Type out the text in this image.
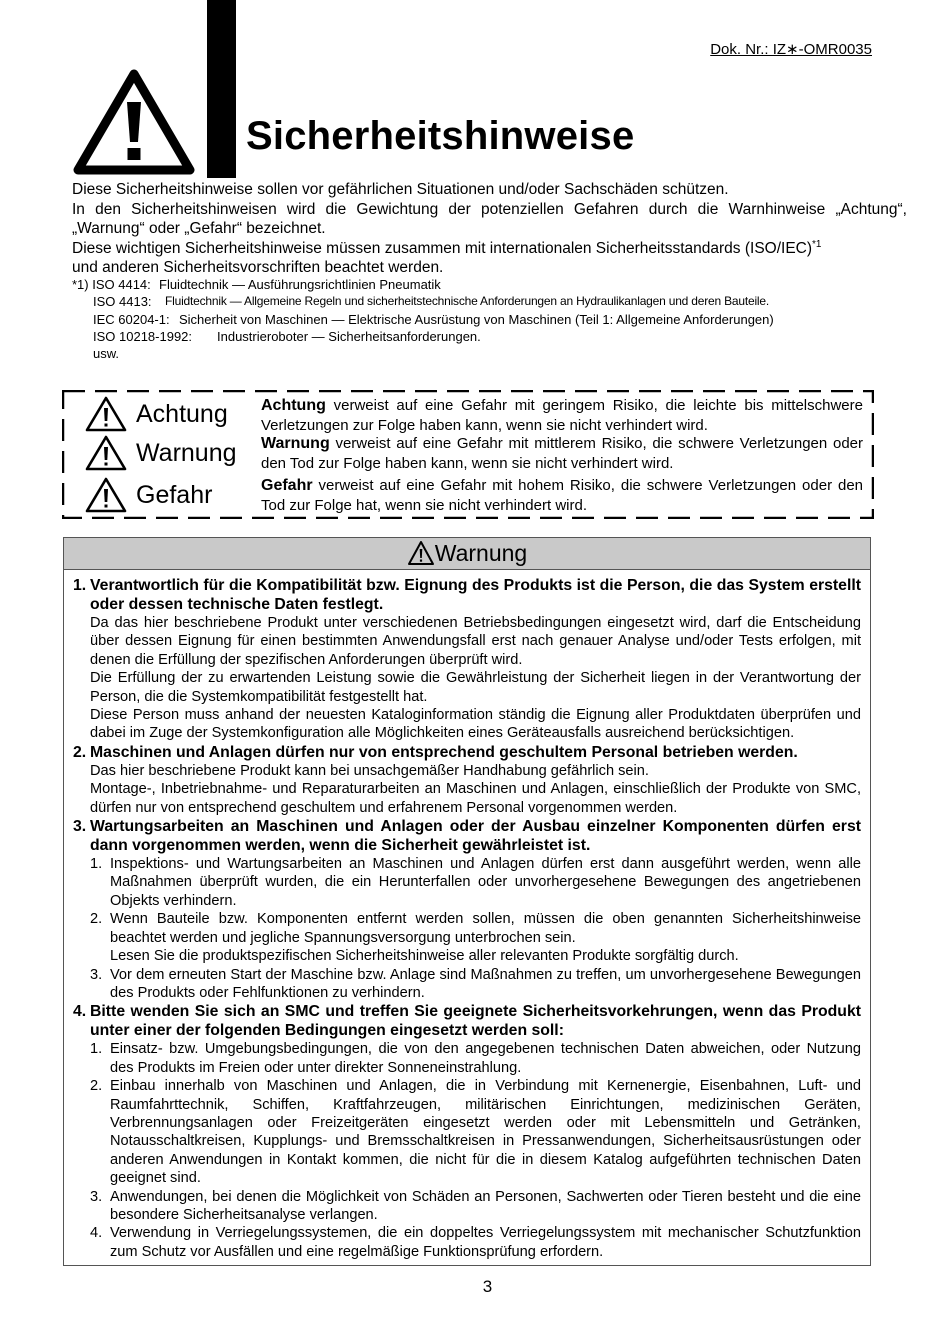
Dok. Nr.: IZ∗-OMR0035
Sicherheitshinweise

Diese Sicherheitshinweise sollen vor gefährlichen Situationen und/oder Sachschäden schützen.

In den Sicherheitshinweisen wird die Gewichtung der potenziellen Gefahren durch die Warnhinweise „Achtung“, „Warnung“ oder „Gefahr“ bezeichnet.

Diese wichtigen Sicherheitshinweise müssen zusammen mit internationalen Sicherheitsstandards $(ISO/IEC)^{*1}$

und anderen Sicherheitsvorschriften beachtet werden.

*1) ISO 4414: Fluidtechnik — Ausführungsrichtlinien Pneumatik
ISO 4413:	Fluidtechnik — Allgemeine Regeln und sicherheitstechnische Anforderungen an Hydraulikanlagen und deren Bauteile.
IEC 60204-1: Sicherheit von Maschinen — Elektrische Ausrüstung von Maschinen (Teil 1: Allgemeine Anforderungen)
ISO 10218-1992:	Industrieroboter — Sicherheitsanforderungen.
usw.
Achtung
Warnung
Gefahr
Achtung verweist auf eine Gefahr mit geringem Risiko, die leichte bis mittelschwere Verletzungen zur Folge haben kann, wenn sie nicht verhindert wird.
Warnung verweist auf eine Gefahr mit mittlerem Risiko, die schwere Verletzungen oder den Tod zur Folge haben kann, wenn sie nicht verhindert wird.
Gefahr verweist auf eine Gefahr mit hohem Risiko, die schwere Verletzungen oder den Tod zur Folge hat, wenn sie nicht verhindert wird.
Warnung
1. Verantwortlich für die Kompatibilität bzw. Eignung des Produkts ist die Person, die das System erstellt oder dessen technische Daten festlegt.
Da das hier beschriebene Produkt unter verschiedenen Betriebsbedingungen eingesetzt wird, darf die Entscheidung über dessen Eignung für einen bestimmten Anwendungsfall erst nach genauer Analyse und/oder Tests erfolgen, mit denen die Erfüllung der spezifischen Anforderungen überprüft wird.
Die Erfüllung der zu erwartenden Leistung sowie die Gewährleistung der Sicherheit liegen in der Verantwortung der Person, die die Systemkompatibilität festgestellt hat.
Diese Person muss anhand der neuesten Kataloginformation ständig die Eignung aller Produktdaten überprüfen und dabei im Zuge der Systemkonfiguration alle Möglichkeiten eines Geräteausfalls ausreichend berücksichtigen.
2. Maschinen und Anlagen dürfen nur von entsprechend geschultem Personal betrieben werden.
Das hier beschriebene Produkt kann bei unsachgemäßer Handhabung gefährlich sein.
Montage-, Inbetriebnahme- und Reparaturarbeiten an Maschinen und Anlagen, einschließlich der Produkte von SMC, dürfen nur von entsprechend geschultem und erfahrenem Personal vorgenommen werden.
3. Wartungsarbeiten an Maschinen und Anlagen oder der Ausbau einzelner Komponenten dürfen erst dann vorgenommen werden, wenn die Sicherheit gewährleistet ist.
1. Inspektions- und Wartungsarbeiten an Maschinen und Anlagen dürfen erst dann ausgeführt werden, wenn alle Maßnahmen überprüft wurden, die ein Herunterfallen oder unvorhergesehene Bewegungen des angetriebenen Objekts verhindern.
2. Wenn Bauteile bzw. Komponenten entfernt werden sollen, müssen die oben genannten Sicherheitshinweise beachtet werden und jegliche Spannungsversorgung unterbrochen sein.
Lesen Sie die produktspezifischen Sicherheitshinweise aller relevanten Produkte sorgfältig durch.
3. Vor dem erneuten Start der Maschine bzw. Anlage sind Maßnahmen zu treffen, um unvorhergesehene Bewegungen des Produkts oder Fehlfunktionen zu verhindern.
4. Bitte wenden Sie sich an SMC und treffen Sie geeignete Sicherheitsvorkehrungen, wenn das Produkt unter einer der folgenden Bedingungen eingesetzt werden soll:
1. Einsatz- bzw. Umgebungsbedingungen, die von den angegebenen technischen Daten abweichen, oder Nutzung des Produkts im Freien oder unter direkter Sonneneinstrahlung.
2. Einbau innerhalb von Maschinen und Anlagen, die in Verbindung mit Kernenergie, Eisenbahnen, Luft- und Raumfahrttechnik, Schiffen, Kraftfahrzeugen, militärischen Einrichtungen, medizinischen Geräten, Verbrennungsanlagen oder Freizeitgeräten eingesetzt werden oder mit Lebensmitteln und Getränken, Notausschaltkreisen, Kupplungs- und Bremsschaltkreisen in Pressanwendungen, Sicherheitsausrüstungen oder anderen Anwendungen in Kontakt kommen, die nicht für die in diesem Katalog aufgeführten technischen Daten geeignet sind.
3. Anwendungen, bei denen die Möglichkeit von Schäden an Personen, Sachwerten oder Tieren besteht und die eine besondere Sicherheitsanalyse verlangen.
4. Verwendung in Verriegelungssystemen, die ein doppeltes Verriegelungssystem mit mechanischer Schutzfunktion zum Schutz vor Ausfällen und eine regelmäßige Funktionsprüfung erfordern.
3
